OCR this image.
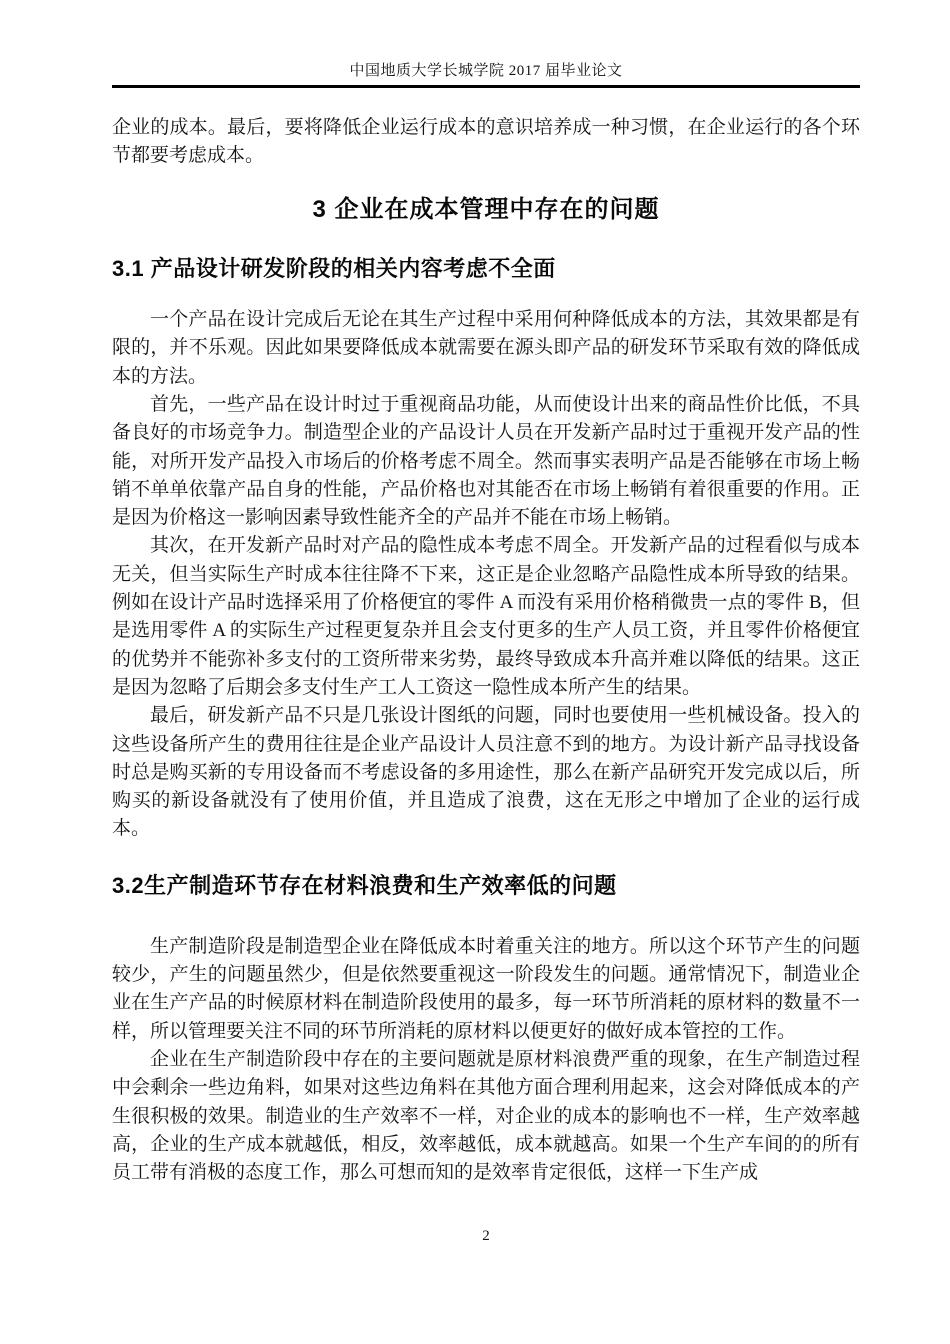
中国地质大学长城学院 2017 届毕业论文

企业的成本。最后，要将降低企业运行成本的意识培养成一种习惯，在企业运行的各个环节都要考虑成本。

3 企业在成本管理中存在的问题
3.1 产品设计研发阶段的相关内容考虑不全面

一个产品在设计完成后无论在其生产过程中采用何种降低成本的方法，其效果都是有限的，并不乐观。因此如果要降低成本就需要在源头即产品的研发环节采取有效的降低成本的方法。

首先，一些产品在设计时过于重视商品功能，从而使设计出来的商品性价比低，不具备良好的市场竞争力。制造型企业的产品设计人员在开发新产品时过于重视开发产品的性能，对所开发产品投入市场后的价格考虑不周全。然而事实表明产品是否能够在市场上畅销不单单依靠产品自身的性能，产品价格也对其能否在市场上畅销有着很重要的作用。正是因为价格这一影响因素导致性能齐全的产品并不能在市场上畅销。

其次，在开发新产品时对产品的隐性成本考虑不周全。开发新产品的过程看似与成本无关，但当实际生产时成本往往降不下来，这正是企业忽略产品隐性成本所导致的结果。例如在设计产品时选择采用了价格便宜的零件 A 而没有采用价格稍微贵一点的零件 B，但是选用零件 A 的实际生产过程更复杂并且会支付更多的生产人员工资，并且零件价格便宜的优势并不能弥补多支付的工资所带来劣势，最终导致成本升高并难以降低的结果。这正是因为忽略了后期会多支付生产工人工资这一隐性成本所产生的结果。

最后，研发新产品不只是几张设计图纸的问题，同时也要使用一些机械设备。投入的这些设备所产生的费用往往是企业产品设计人员注意不到的地方。为设计新产品寻找设备时总是购买新的专用设备而不考虑设备的多用途性，那么在新产品研究开发完成以后，所购买的新设备就没有了使用价值，并且造成了浪费，这在无形之中增加了企业的运行成本。

3.2生产制造环节存在材料浪费和生产效率低的问题

生产制造阶段是制造型企业在降低成本时着重关注的地方。所以这个环节产生的问题较少，产生的问题虽然少，但是依然要重视这一阶段发生的问题。通常情况下，制造业企业在生产产品的时候原材料在制造阶段使用的最多，每一环节所消耗的原材料的数量不一样，所以管理要关注不同的环节所消耗的原材料以便更好的做好成本管控的工作。

企业在生产制造阶段中存在的主要问题就是原材料浪费严重的现象，在生产制造过程中会剩余一些边角料，如果对这些边角料在其他方面合理利用起来，这会对降低成本的产生很积极的效果。制造业的生产效率不一样，对企业的成本的影响也不一样，生产效率越高，企业的生产成本就越低，相反，效率越低，成本就越高。如果一个生产车间的的所有员工带有消极的态度工作，那么可想而知的是效率肯定很低，这样一下生产成

2
